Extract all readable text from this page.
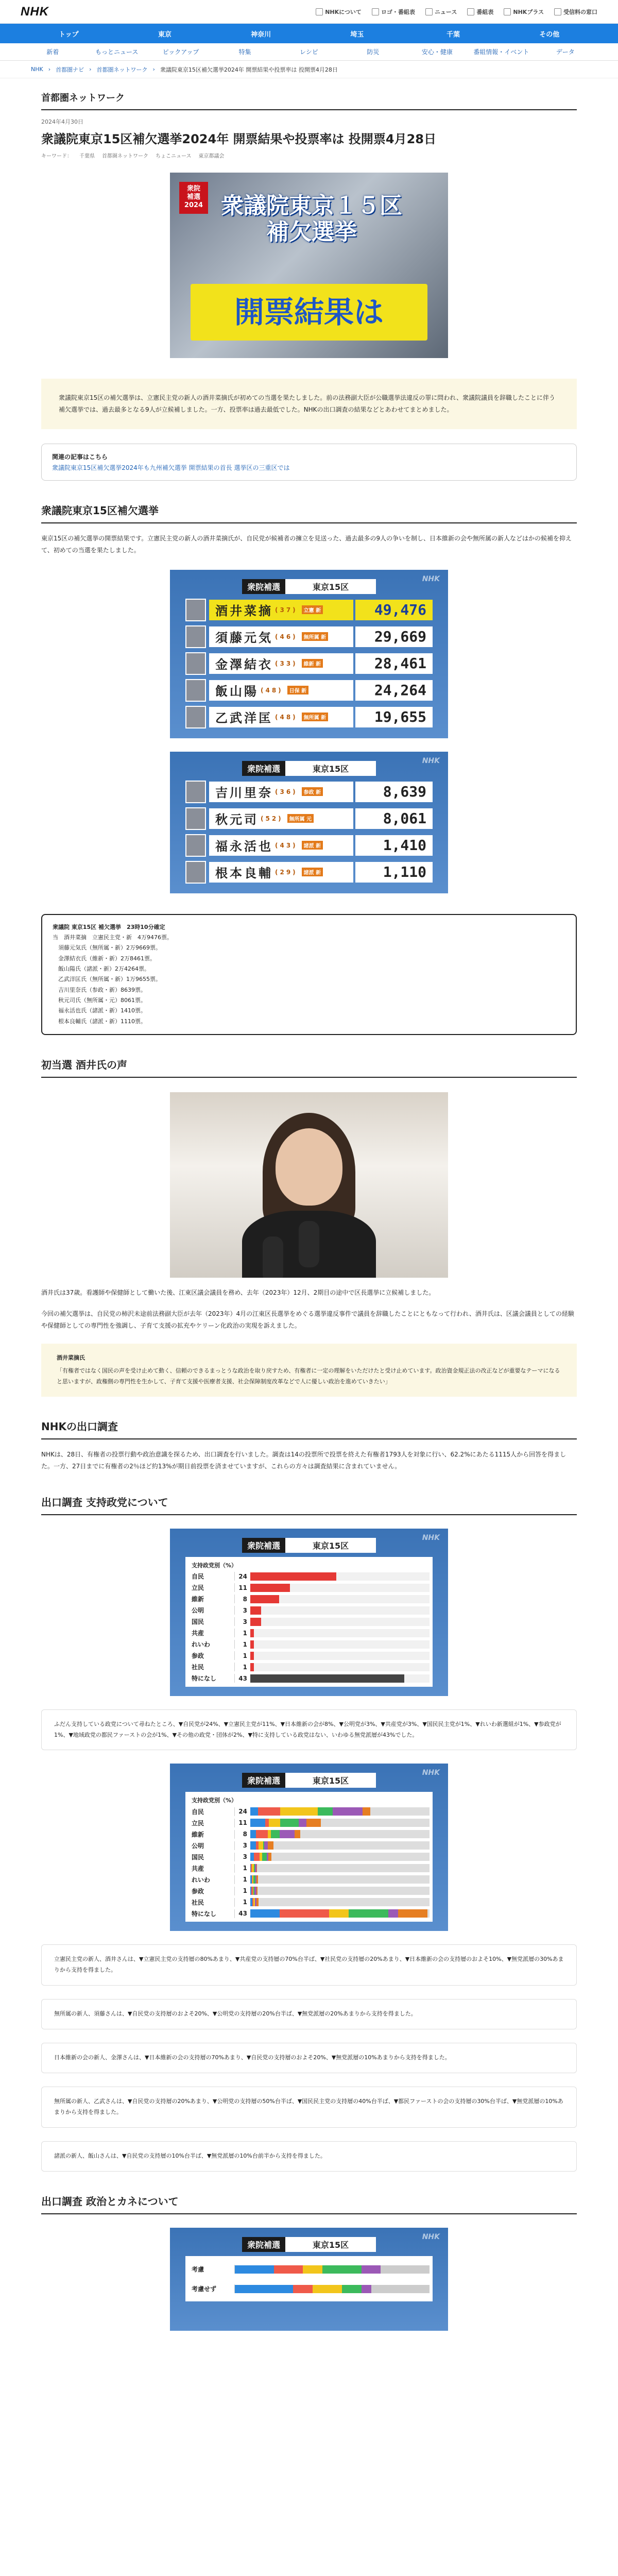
NHK	NHKについて	ロゴ・番組表	ニュース	番組表	NHKプラス	受信料の窓口
トップ	東京	神奈川	埼玉	千葉	その他
新着	もっとニュース	ピックアップ	特集	レシピ	防災	安心・健康	番組情報・イベント	データ
NHK › 首都圏ナビ › 首都圏ネットワーク › 衆議院東京15区補欠選挙2024年 開票結果や投票率は 投開票4月28日
首都圏ネットワーク
2024年4月30日
衆議院東京15区補欠選挙2024年 開票結果や投票率は 投開票4月28日
キーワード： 千葉県 首都圏ネットワーク ちょこニュース 東京都議会
衆院
補選
2024 衆議院東京１５区
補欠選挙
開票結果は
衆議院東京15区の補欠選挙は、立憲民主党の新人の酒井菜摘氏が初めての当選を果たしました。前の法務副大臣が公職選挙法違反の罪に問われ、衆議院議員を辞職したことに伴う補欠選挙では、過去最多となる9人が立候補しました。一方、投票率は過去最低でした。NHKの出口調査の結果などとあわせてまとめました。
関連の記事はこちら
衆議院東京15区補欠選挙2024年も九州補欠選挙 開票結果の首長 選挙区の三重区では
衆議院東京15区補欠選挙

東京15区の補欠選挙の開票結果です。立憲民主党の新人の酒井菜摘氏が、自民党が候補者の擁立を見送った、過去最多の9人の争いを制し、日本維新の会や無所属の新人などはかの候補を抑えて、初めての当選を果たしました。

NHK
衆院補選	東京15区
酒井菜摘 (37)	立憲 新	49,476
須藤元気 (46)	無所属 新	29,669
金澤結衣 (33)	維新 新	28,461
飯山陽 (48)	日保 新	24,264
乙武洋匡 (48)	無所属 新	19,655
NHK
衆院補選	東京15区
吉川里奈 (36)	参政 新	8,639
秋元司 (52)	無所属 元	8,061
福永活也 (43)	諸派 新	1,410
根本良輔 (29)	諸派 新	1,110
衆議院 東京15区 補欠選挙　23時10分確定
当　酒井菜摘　立憲民主党・新　4万9476票。
　須藤元気氏（無所属・新）2万9669票。
　金澤結衣氏（維新・新）2万8461票。
　飯山陽氏（諸派・新）2万4264票。
　乙武洋匡氏（無所属・新）1万9655票。
　吉川里奈氏（参政・新）8639票。
　秋元司氏（無所属・元）8061票。
　福永活也氏（諸派・新）1410票。
　根本良輔氏（諸派・新）1110票。
初当選 酒井氏の声

酒井氏は37歳。看護師や保健師として働いた後、江東区議会議員を務め、去年（2023年）12月、2期目の途中で区長選挙に立候補しました。

今回の補欠選挙は、自民党の柿沢未途前法務副大臣が去年（2023年）4月の江東区長選挙をめぐる選挙違反事件で議員を辞職したことにともなって行われ、酒井氏は、区議会議員としての経験や保健師としての専門性を強調し、子育て支援の拡充やケリーン化政治の実現を訴えました。

酒井菜摘氏
「有権者ではなく国民の声を受け止めて動く、信頼のできるまっとうな政治を取り戻すため、有権者に一定の理解をいただけたと受け止めています。政治資金規正法の改正などが重要なテーマになると思いますが、政権側の専門性を生かして、子育て支援や医療者支援、社会保障制度改革などで人に優しい政治を進めていきたい」
NHKの出口調査

NHKは、28日、有権者の投票行動や政治意識を探るため、出口調査を行いました。調査は14の投票所で投票を終えた有権者1793人を対象に行い、62.2%にあたる1115人から回答を得ました。一方、27日までに有権者の2％ほど約13%が期日前投票を済ませていますが、これらの方々は調査結果に含まれていません。

出口調査 支持政党について
NHK
衆院補選	東京15区
支持政党別（%）
自民	24
立民	11
維新	8
公明	3
国民	3
共産	1
れいわ	1
参政	1
社民	1
特になし	43
ふだん支持している政党について尋ねたところ、▼自民党が24%、▼立憲民主党が11%、▼日本維新の会が8%、▼公明党が3%、▼共産党が3%、▼国民民主党が1%、▼れいわ新選組が1%、▼参政党が1%、▼地域政党の都民ファーストの会が1%、▼その他の政党・団体が2%、▼特に支持している政党はない、いわゆる無党派層が43%でした。
NHK
衆院補選	東京15区
支持政党別（%）
自民	24
立民	11
維新	8
公明	3
国民	3
共産	1
れいわ	1
参政	1
社民	1
特になし	43
立憲民主党の新人、酒井さんは、▼立憲民主党の支持層の80%あまり、▼共産党の支持層の70%台半ば、▼社民党の支持層の20%あまり、▼日本維新の会の支持層のおよそ10%、▼無党派層の30%あまりから支持を得ました。
無所属の新人、須藤さんは、▼自民党の支持層のおよそ20%、▼公明党の支持層の20%台半ば、▼無党派層の20%あまりから支持を得ました。
日本維新の会の新人、金澤さんは、▼日本維新の会の支持層の70%あまり、▼自民党の支持層のおよそ20%、▼無党派層の10%あまりから支持を得ました。
無所属の新人、乙武さんは、▼自民党の支持層の20%あまり、▼公明党の支持層の50%台半ば、▼国民民主党の支持層の40%台半ば、▼都民ファーストの会の支持層の30%台半ば、▼無党派層の10%あまりから支持を得ました。
諸派の新人、飯山さんは、▼自民党の支持層の10%台半ば、▼無党派層の10%台前半から支持を得ました。
出口調査 政治とカネについて
NHK
衆院補選	東京15区
考慮
考慮せず
